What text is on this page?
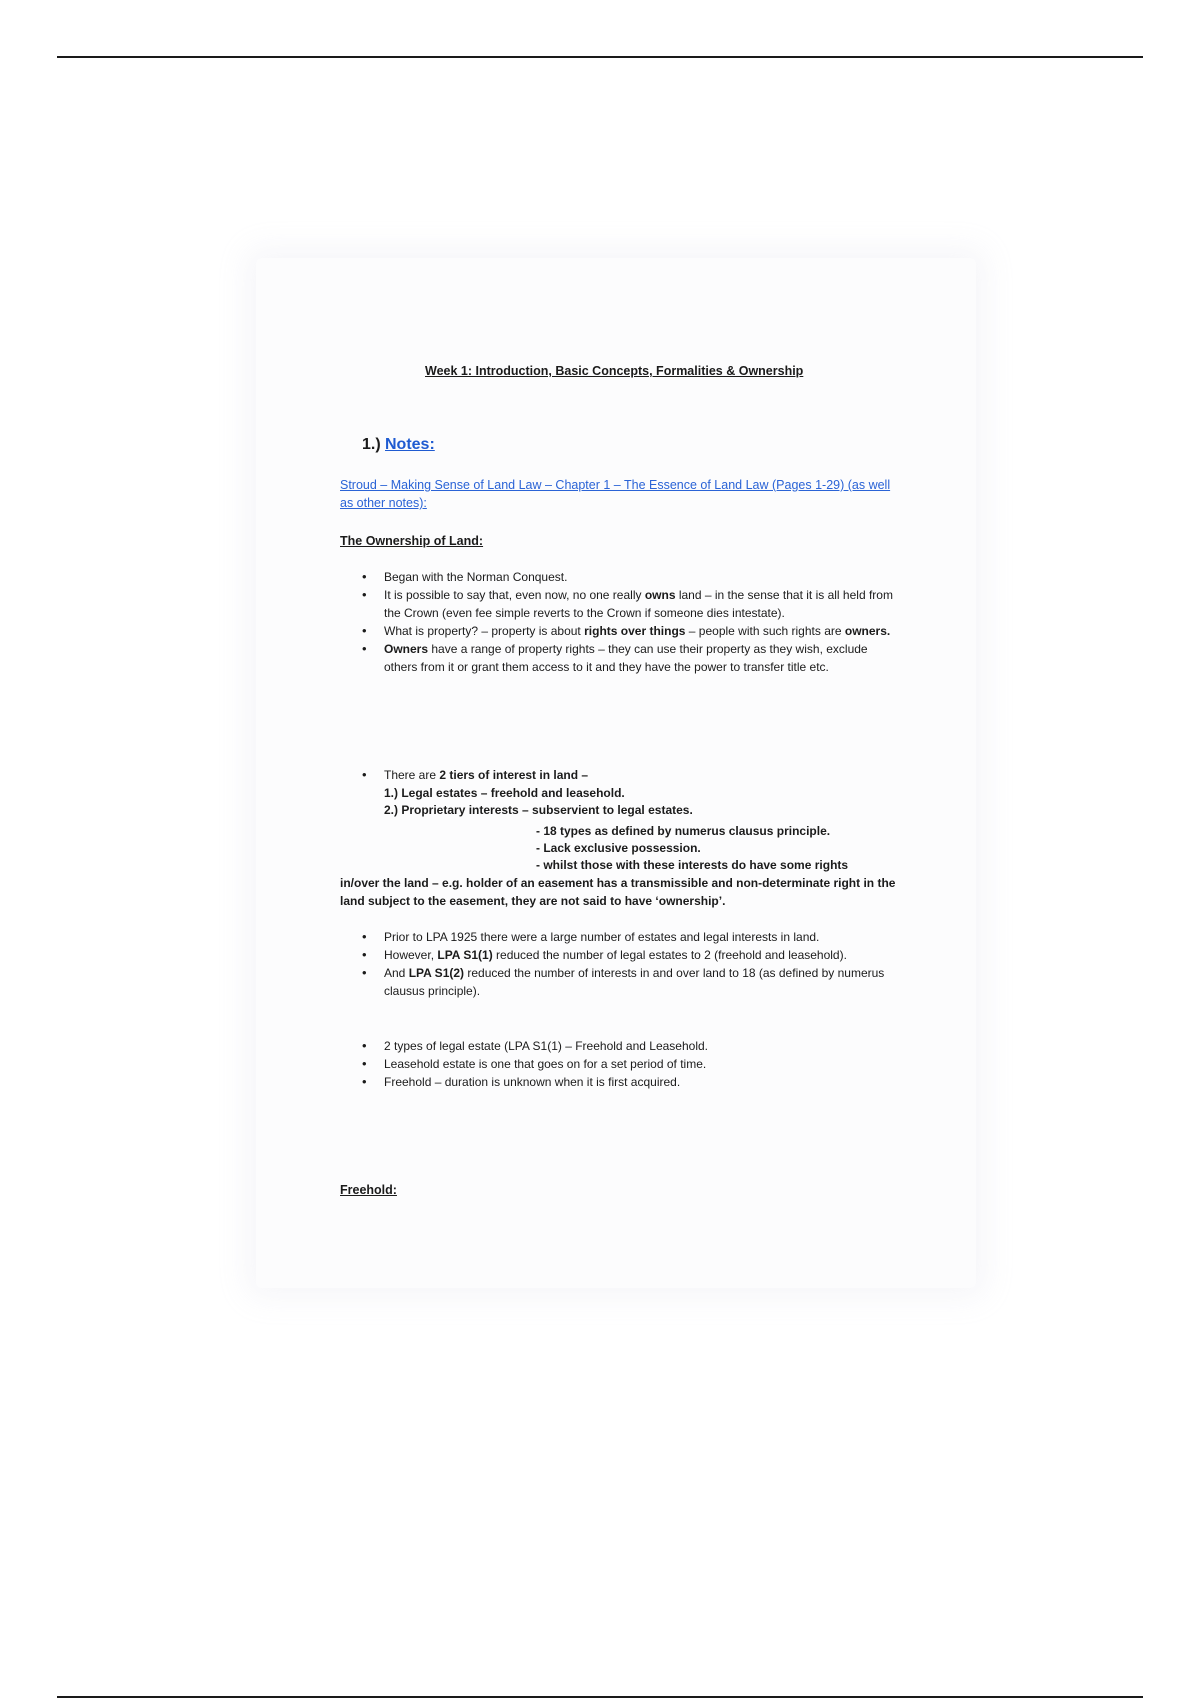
Week 1: Introduction, Basic Concepts, Formalities & Ownership
1.) Notes:
Stroud – Making Sense of Land Law – Chapter 1 – The Essence of Land Law (Pages 1-29) (as well as other notes):
The Ownership of Land:
• Began with the Norman Conquest.
• It is possible to say that, even now, no one really owns land – in the sense that it is all held from the Crown (even fee simple reverts to the Crown if someone dies intestate).
• What is property? – property is about rights over things – people with such rights are owners.
• Owners have a range of property rights – they can use their property as they wish, exclude others from it or grant them access to it and they have the power to transfer title etc.
• There are 2 tiers of interest in land –
1.) Legal estates – freehold and leasehold.
2.) Proprietary interests – subservient to legal estates.
- 18 types as defined by numerus clausus principle.
- Lack exclusive possession.
- whilst those with these interests do have some rights
in/over the land – e.g. holder of an easement has a transmissible and non-determinate right in the land subject to the easement, they are not said to have ‘ownership’.
• Prior to LPA 1925 there were a large number of estates and legal interests in land.
• However, LPA S1(1) reduced the number of legal estates to 2 (freehold and leasehold).
• And LPA S1(2) reduced the number of interests in and over land to 18 (as defined by numerus clausus principle).
• 2 types of legal estate (LPA S1(1) – Freehold and Leasehold.
• Leasehold estate is one that goes on for a set period of time.
• Freehold – duration is unknown when it is first acquired.
Freehold:
